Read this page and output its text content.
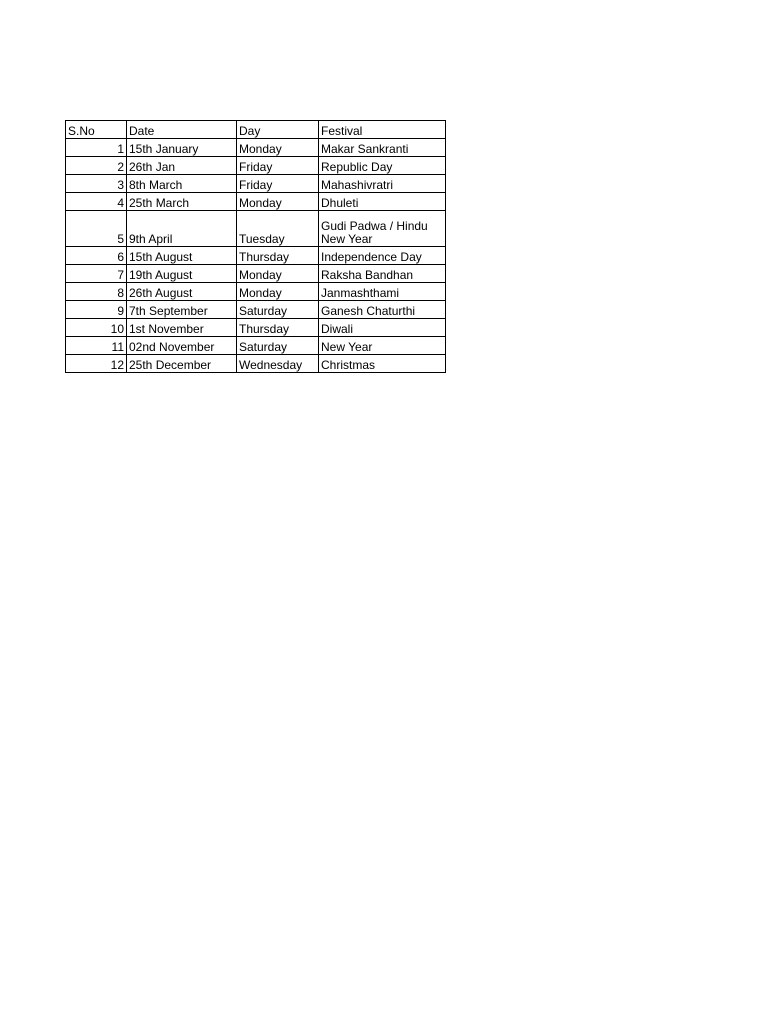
S.No	Date	Day	Festival
1	15th January	Monday	Makar Sankranti
2	26th Jan	Friday	Republic Day
3	8th March	Friday	Mahashivratri
4	25th March	Monday	Dhuleti
5	9th April	Tuesday	Gudi Padwa / Hindu New Year
6	15th August	Thursday	Independence Day
7	19th August	Monday	Raksha Bandhan
8	26th August	Monday	Janmashthami
9	7th September	Saturday	Ganesh Chaturthi
10	1st November	Thursday	Diwali
11	02nd November	Saturday	New Year
12	25th December	Wednesday	Christmas
